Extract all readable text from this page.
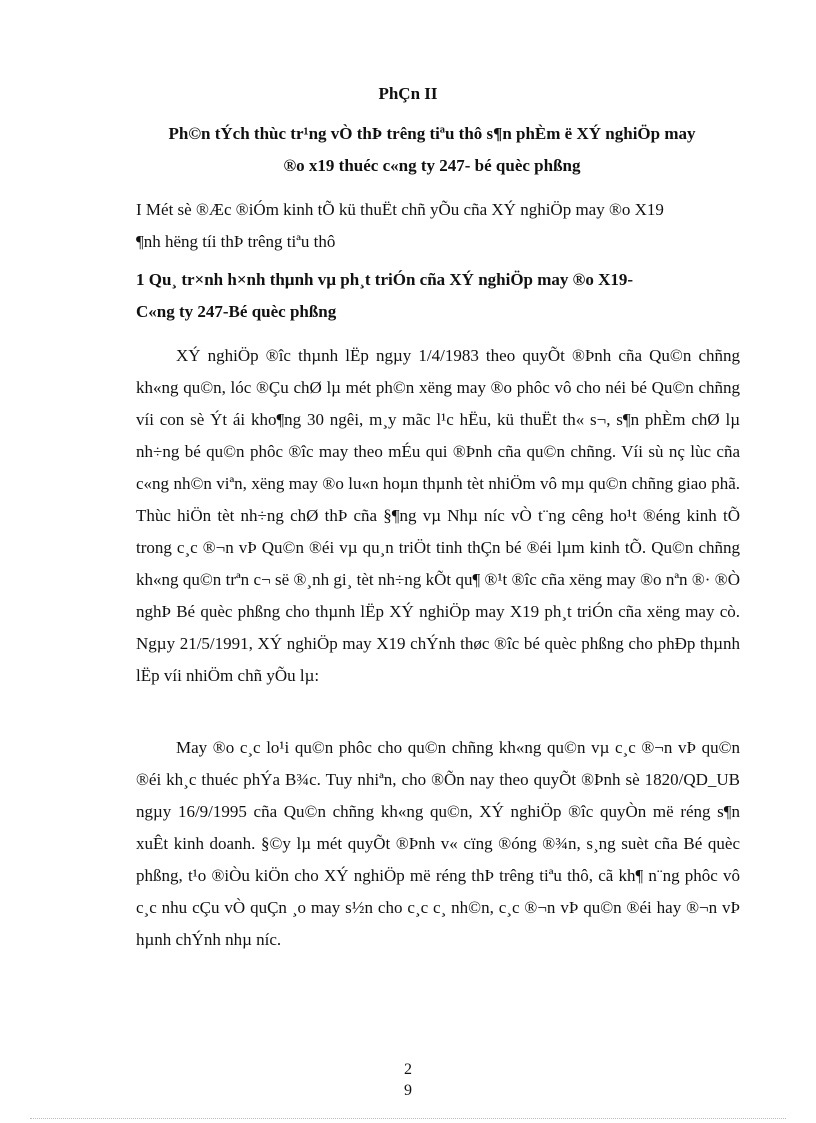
PhÇn II
Ph©n tÝch thùc tr¹ng vÒ thÞ trêng tiªu thô s¶n phÈm ë XÝ nghiÖp may
®o x19 thuéc c«ng ty 247- bé quèc phßng
I Mét sè ®Æc ®iÓm kinh tÕ kü thuËt chñ yÕu cña XÝ nghiÖp may ®o X19
¶nh hëng tíi thÞ trêng tiªu thô
1 Qu¸ tr×nh h×nh thµnh vµ ph¸t triÓn cña XÝ nghiÖp may ®o X19-
C«ng ty 247-Bé quèc phßng
XÝ nghiÖp ®îc thµnh lËp ngµy 1/4/1983 theo quyÕt ®Þnh cña Qu©n chñng kh«ng qu©n, lóc ®Çu chØ lµ mét ph©n xëng may ®o phôc vô cho néi bé Qu©n chñng víi con sè Ýt ái kho¶ng 30 ngêi, m¸y mãc l¹c hËu, kü thuËt th« s¬, s¶n phÈm chØ lµ nh÷ng bé qu©n phôc ®îc may theo mÉu qui ®Þnh cña qu©n chñng. Víi sù nç lùc cña c«ng nh©n viªn, xëng may ®o lu«n hoµn thµnh tèt nhiÖm vô mµ qu©n chñng giao phã. Thùc hiÖn tèt nh÷ng chØ thÞ cña §¶ng vµ Nhµ níc vÒ t¨ng cêng ho¹t ®éng kinh tÕ trong c¸c ®¬n vÞ Qu©n ®éi vµ qu¸n triÖt tinh thÇn bé ®éi lµm kinh tÕ. Qu©n chñng kh«ng qu©n trªn c¬ së ®¸nh gi¸ tèt nh÷ng kÕt qu¶ ®¹t ®îc cña xëng may ®o nªn ®· ®Ò nghÞ Bé quèc phßng cho thµnh lËp XÝ nghiÖp may X19 ph¸t triÓn cña xëng may cò. Ngµy 21/5/1991, XÝ nghiÖp may X19 chÝnh thøc ®îc bé quèc phßng cho phÐp thµnh lËp víi nhiÖm chñ yÕu lµ:
May ®o c¸c lo¹i qu©n phôc cho qu©n chñng kh«ng qu©n vµ c¸c ®¬n vÞ qu©n ®éi kh¸c thuéc phÝa B¾c. Tuy nhiªn, cho ®Õn nay theo quyÕt ®Þnh sè 1820/QD_UB ngµy 16/9/1995 cña Qu©n chñng kh«ng qu©n, XÝ nghiÖp ®îc quyÒn më réng s¶n xuÊt kinh doanh. §©y lµ mét quyÕt ®Þnh v« cïng ®óng ®¾n, s¸ng suèt cña Bé quèc phßng, t¹o ®iÒu kiÖn cho XÝ nghiÖp më réng thÞ trêng tiªu thô, cã kh¶ n¨ng phôc vô c¸c nhu cÇu vÒ quÇn ¸o may s½n cho c¸c c¸ nh©n, c¸c ®¬n vÞ qu©n ®éi hay ®¬n vÞ hµnh chÝnh nhµ níc.
2
9
